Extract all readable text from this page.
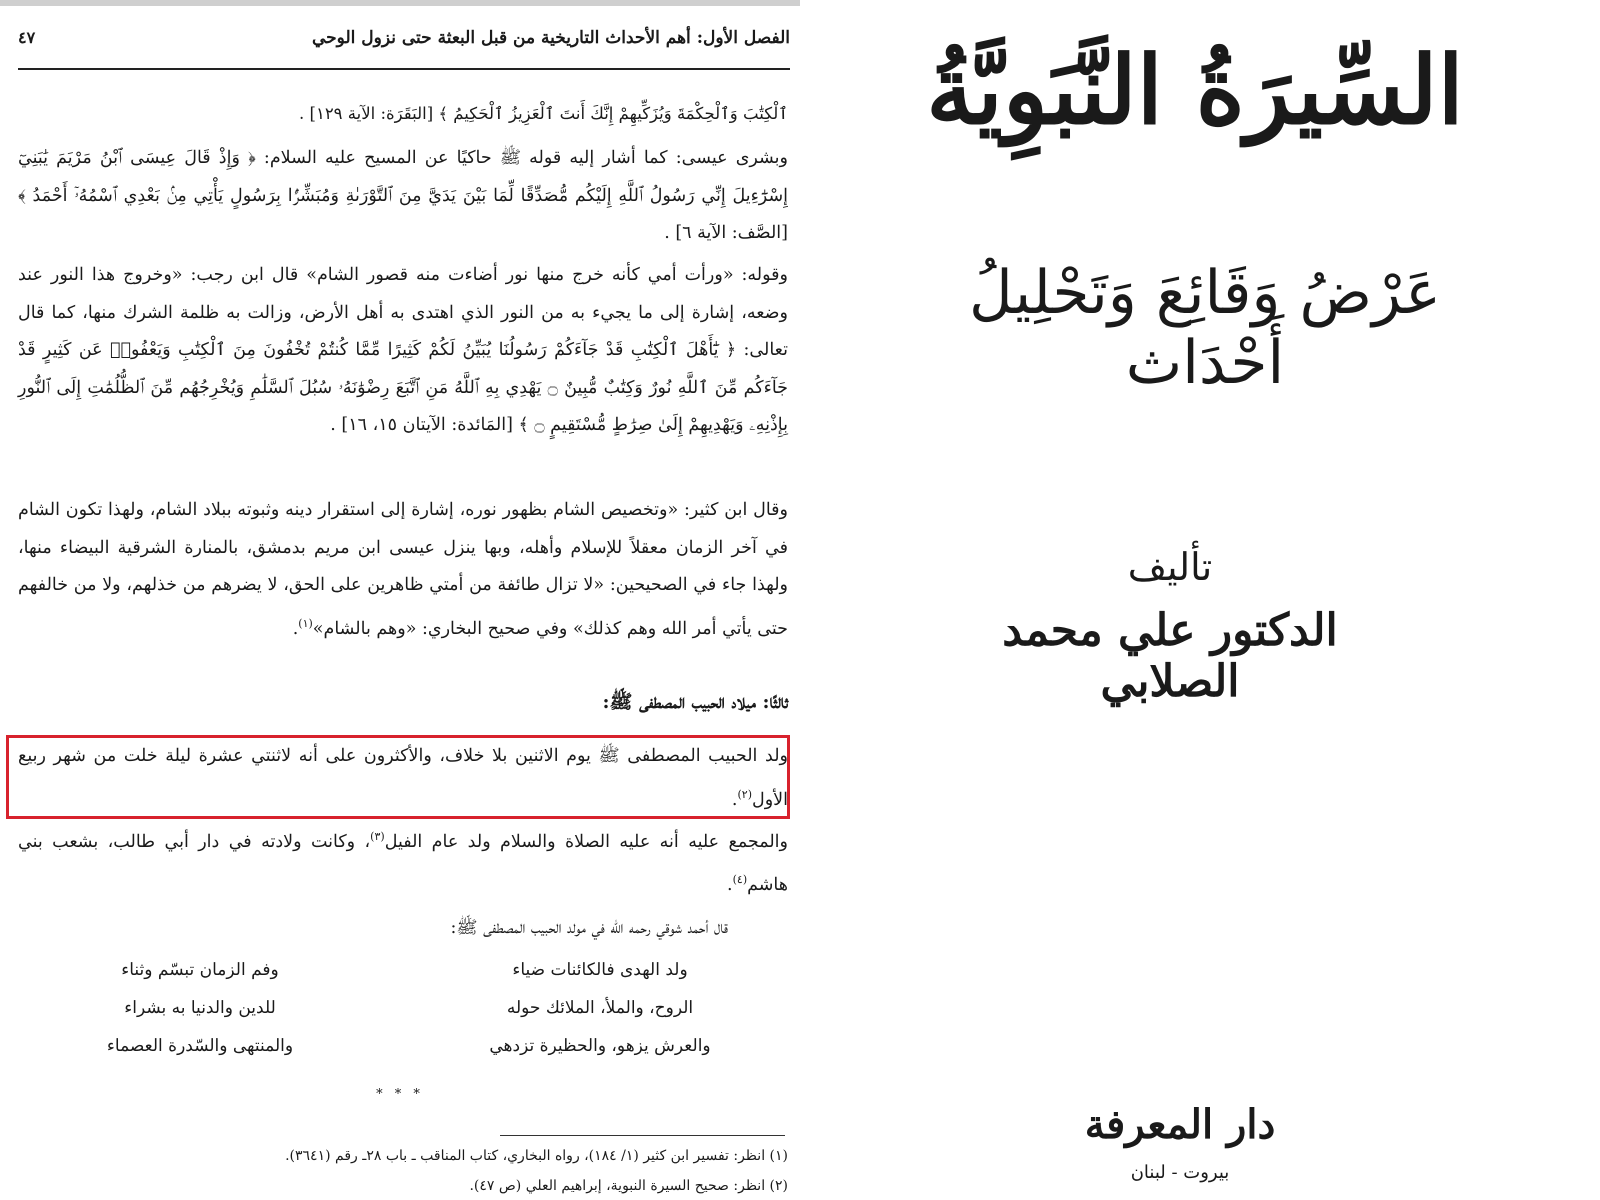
الفصل الأول: أهم الأحداث التاريخية من قبل البعثة حتى نزول الوحي
٤٧
ٱلْكِتَٰبَ وَٱلْحِكْمَةَ وَيُزَكِّيهِمْ إِنَّكَ أَنتَ ٱلْعَزِيزُ ٱلْحَكِيمُ ﴾ [البَقَرَة: الآية ١٢٩] .
وبشرى عيسى: كما أشار إليه قوله ﷺ حاكيًا عن المسيح عليه السلام: ﴿ وَإِذْ قَالَ عِيسَى ٱبْنُ مَرْيَمَ يَٰبَنِيٓ إِسْرَٰٓءِيلَ إِنِّي رَسُولُ ٱللَّهِ إِلَيْكُم مُّصَدِّقًا لِّمَا بَيْنَ يَدَيَّ مِنَ ٱلتَّوْرَىٰةِ وَمُبَشِّرًۢا بِرَسُولٍ يَأْتِي مِنۢ بَعْدِي ٱسْمُهُۥٓ أَحْمَدُ ﴾ [الصَّف: الآية ٦] .
وقوله: «ورأت أمي كأنه خرج منها نور أضاءت منه قصور الشام» قال ابن رجب: «وخروج هذا النور عند وضعه، إشارة إلى ما يجيء به من النور الذي اهتدى به أهل الأرض، وزالت به ظلمة الشرك منها، كما قال تعالى: ﴿ يَٰٓأَهْلَ ٱلْكِتَٰبِ قَدْ جَآءَكُمْ رَسُولُنَا يُبَيِّنُ لَكُمْ كَثِيرًا مِّمَّا كُنتُمْ تُخْفُونَ مِنَ ٱلْكِتَٰبِ وَيَعْفُوا۟ عَن كَثِيرٍ قَدْ جَآءَكُم مِّنَ ٱللَّهِ نُورٌ وَكِتَٰبٌ مُّبِينٌ ۝ يَهْدِي بِهِ ٱللَّهُ مَنِ ٱتَّبَعَ رِضْوَٰنَهُۥ سُبُلَ ٱلسَّلَٰمِ وَيُخْرِجُهُم مِّنَ ٱلظُّلُمَٰتِ إِلَى ٱلنُّورِ بِإِذْنِهِۦ وَيَهْدِيهِمْ إِلَىٰ صِرَٰطٍ مُّسْتَقِيمٍ ۝ ﴾ [المَائدة: الآيتان ١٥، ١٦] .
وقال ابن كثير: «وتخصيص الشام بظهور نوره، إشارة إلى استقرار دينه وثبوته ببلاد الشام، ولهذا تكون الشام في آخر الزمان معقلاً للإسلام وأهله، وبها ينزل عيسى ابن مريم بدمشق، بالمنارة الشرقية البيضاء منها، ولهذا جاء في الصحيحين: «لا تزال طائفة من أمتي ظاهرين على الحق، لا يضرهم من خذلهم، ولا من خالفهم حتى يأتي أمر الله وهم كذلك» وفي صحيح البخاري: «وهم بالشام»$^{(١)}$.
ثالثًا: ميلاد الحبيب المصطفى ﷺ:
ولد الحبيب المصطفى ﷺ يوم الاثنين بلا خلاف، والأكثرون على أنه لاثنتي عشرة ليلة خلت من شهر ربيع الأول$^{(٢)}$.
والمجمع عليه أنه عليه الصلاة والسلام ولد عام الفيل$^{(٣)}$، وكانت ولادته في دار أبي طالب، بشعب بني هاشم$^{(٤)}$.
قال أحمد شوقي رحمه الله في مولد الحبيب المصطفى ﷺ:
ولد الهدى فالكائنات ضياء
وفم الزمان تبسّم وثناء
الروح، والملأ، الملائك حوله
للدين والدنيا به بشراء
والعرش يزهو، والحظيرة تزدهي
والمنتهى والسّدرة العصماء
* * *
(١) انظر: تفسير ابن كثير (١/ ١٨٤)، رواه البخاري، كتاب المناقب ـ باب ٢٨ـ رقم (٣٦٤١).
(٢) انظر: صحيح السيرة النبوية، إبراهيم العلي (ص ٤٧).
السِّيرَةُ النَّبَوِيَّةُ
عَرْضُ وَقَائِعَ وَتَحْلِيلُ أَحْدَاث
تأليف
الدكتور علي محمد الصلابي
دار المعرفة
بيروت - لبنان
